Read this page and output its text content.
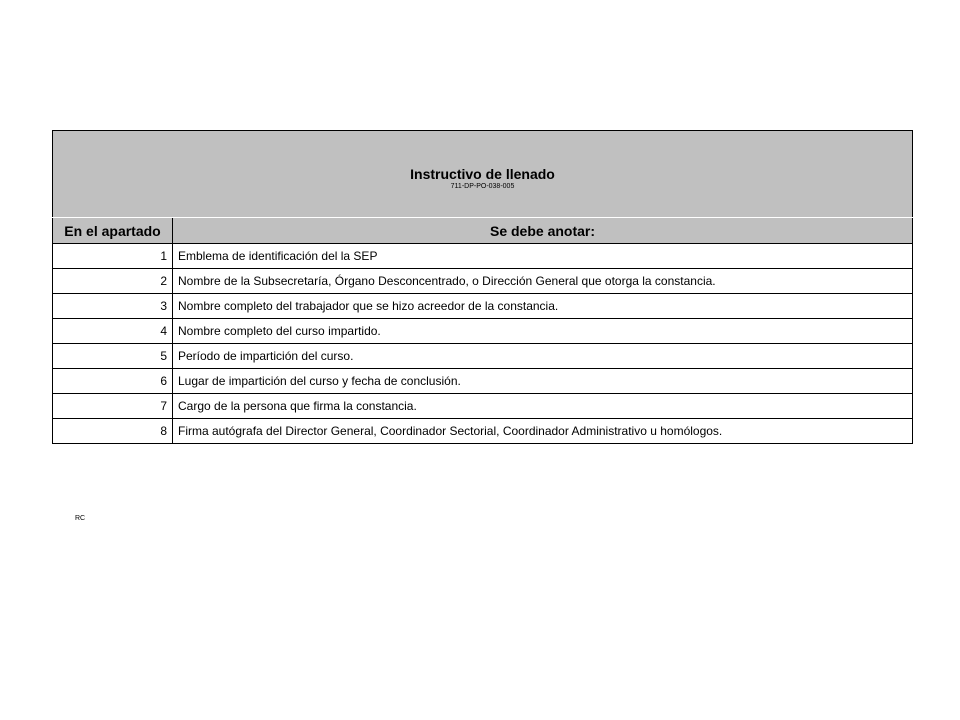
Instructivo de llenado
711-DP-PO-038-005	

En el apartado	Se debe anotar:
1	Emblema de identificación del la SEP
2	Nombre de la Subsecretaría, Órgano Desconcentrado, o Dirección General que otorga la constancia.
3	Nombre completo del trabajador que se hizo acreedor de la constancia.
4	Nombre completo del curso impartido.
5	Período de impartición del curso.
6	Lugar de impartición del curso y fecha de conclusión.
7	Cargo de la persona que firma la constancia.
8	Firma autógrafa del Director General, Coordinador Sectorial, Coordinador Administrativo u homólogos.
RC
